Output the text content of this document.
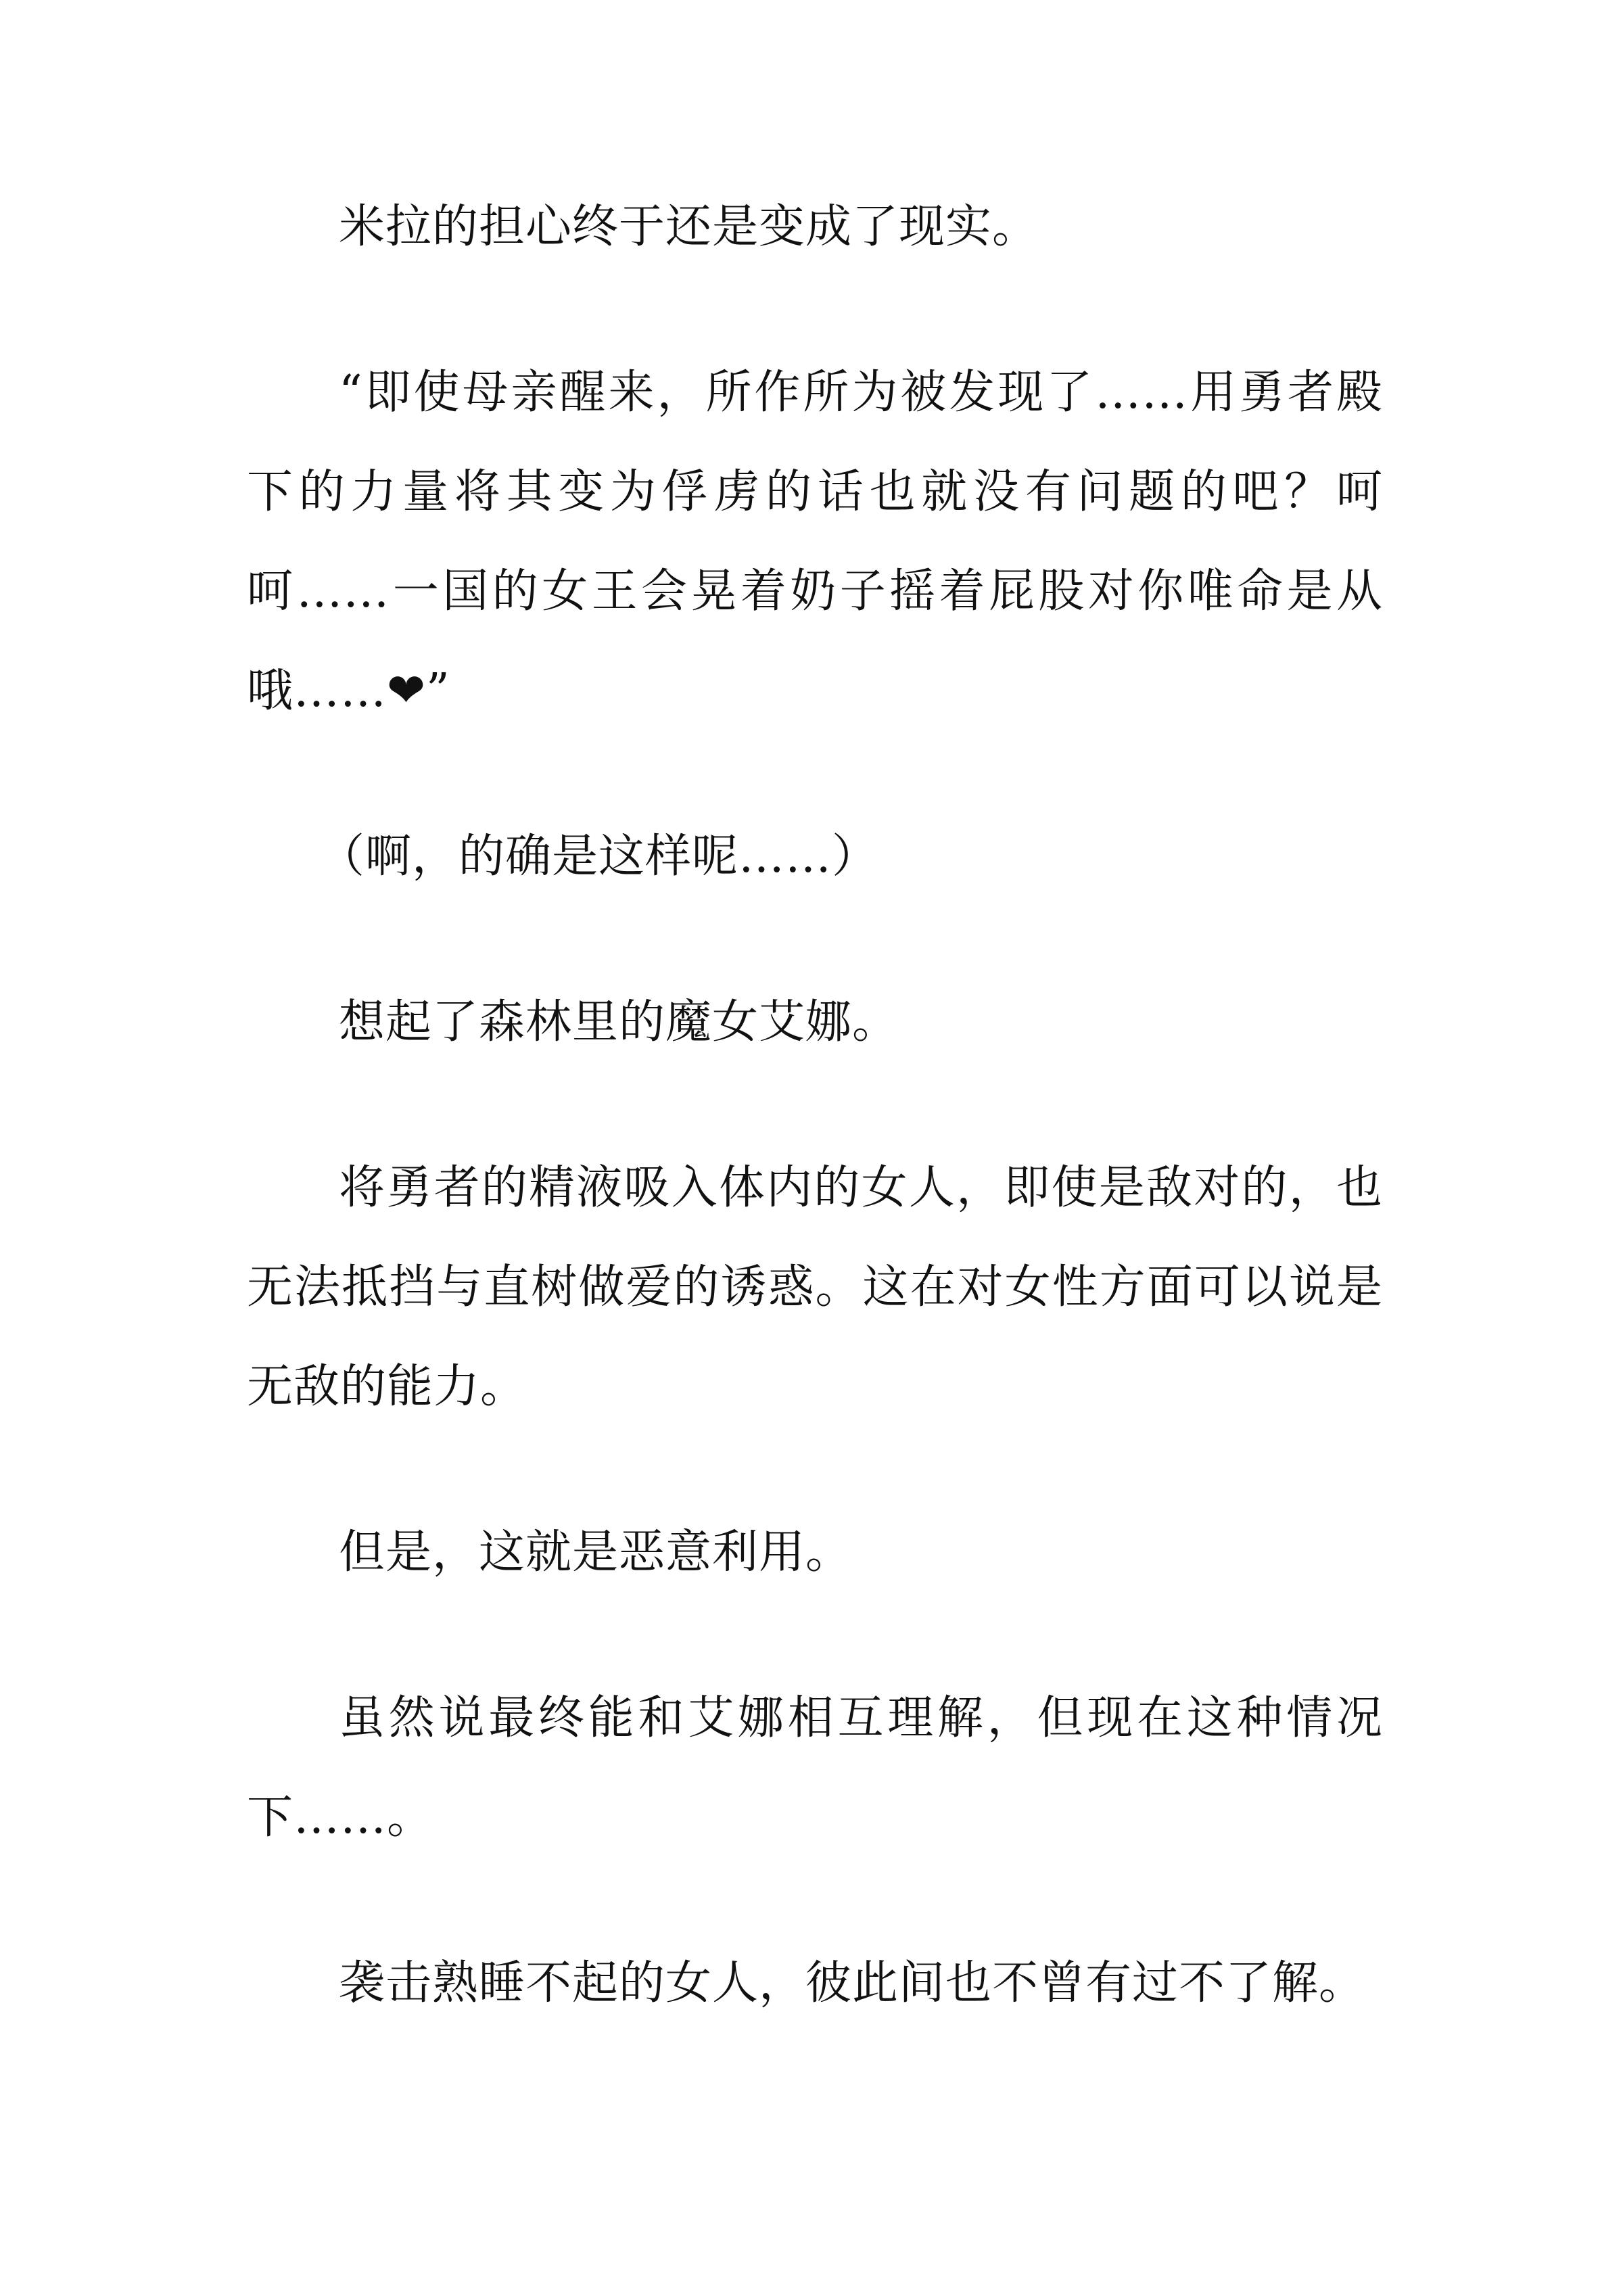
米拉的担心终于还是变成了现实。

“即使母亲醒来，所作所为被发现了……用勇者殿下的力量将其变为俘虏的话也就没有问题的吧？呵呵……一国的女王会晃着奶子摇着屁股对你唯命是从哦……❤”

（啊，的确是这样呢……）

想起了森林里的魔女艾娜。

将勇者的精液吸入体内的女人，即使是敌对的，也无法抵挡与直树做爱的诱惑。这在对女性方面可以说是无敌的能力。

但是，这就是恶意利用。

虽然说最终能和艾娜相互理解，但现在这种情况下……。

袭击熟睡不起的女人，彼此间也不曾有过不了解。
